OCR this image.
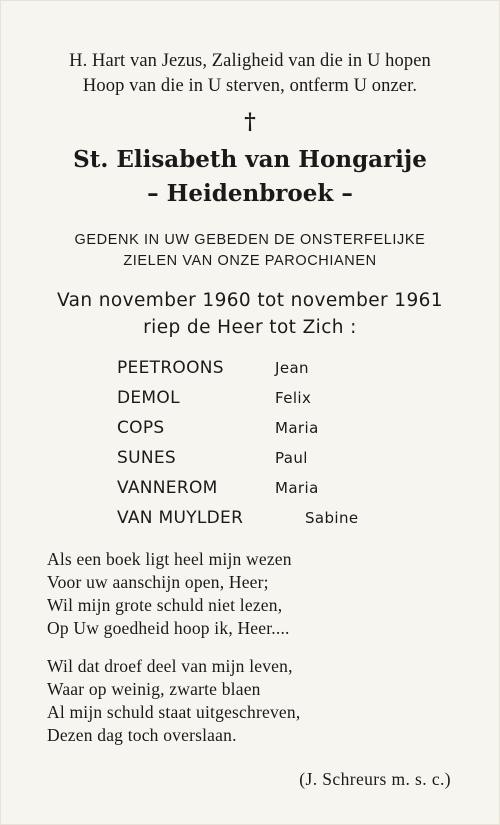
H. Hart van Jezus, Zaligheid van die in U hopen
Hoop van die in U sterven, ontferm U onzer.
†
St. Elisabeth van Hongarije
– Heidenbroek –
GEDENK IN UW GEBEDEN DE ONSTERFELIJKE
ZIELEN VAN ONZE PAROCHIANEN
Van november 1960 tot november 1961
riep de Heer tot Zich :
PEETROONS	Jean
DEMOL	Felix
COPS	Maria
SUNES	Paul
VANNEROM	Maria
VAN MUYLDER	Sabine
Als een boek ligt heel mijn wezen
Voor uw aanschijn open, Heer;
Wil mijn grote schuld niet lezen,
Op Uw goedheid hoop ik, Heer....
Wil dat droef deel van mijn leven,
Waar op weinig, zwarte blaen
Al mijn schuld staat uitgeschreven,
Dezen dag toch overslaan.
(J. Schreurs m. s. c.)
